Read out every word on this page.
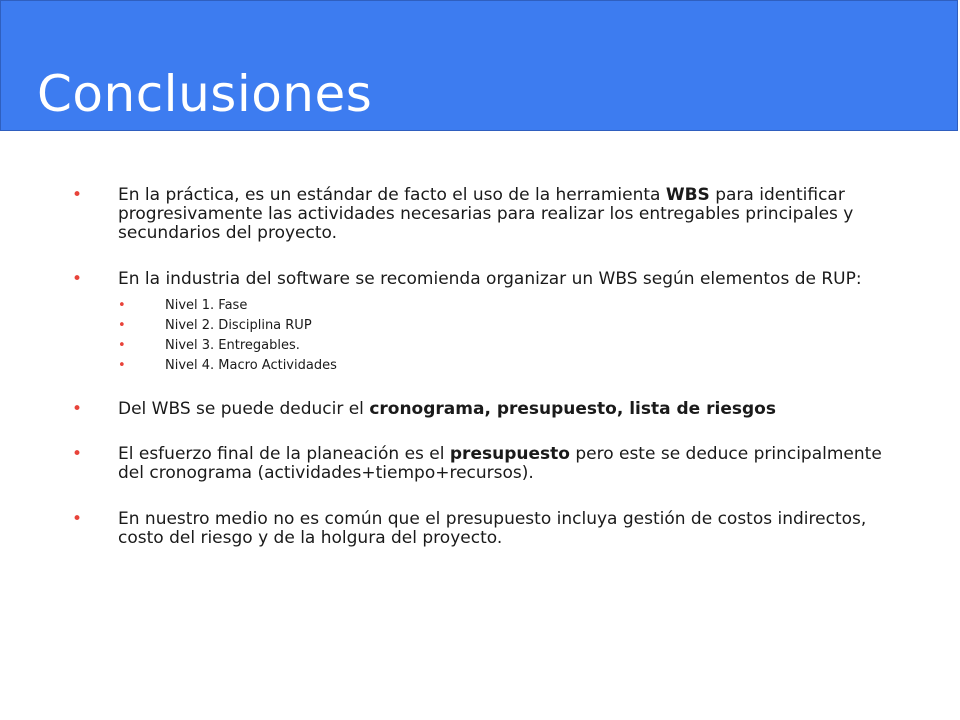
Conclusiones
• En la práctica, es un estándar de facto el uso de la herramienta WBS para identificar progresivamente las actividades necesarias para realizar los entregables principales y secundarios del proyecto.
• En la industria del software se recomienda organizar un WBS según elementos de RUP:
•	Nivel 1. Fase
•	Nivel 2. Disciplina RUP
•	Nivel 3. Entregables.
•	Nivel 4. Macro Actividades
• Del WBS se puede deducir el cronograma, presupuesto, lista de riesgos
• El esfuerzo final de la planeación es el presupuesto pero este se deduce principalmente del cronograma (actividades+tiempo+recursos).
• En nuestro medio no es común que el presupuesto incluya gestión de costos indirectos, costo del riesgo y de la holgura del proyecto.
